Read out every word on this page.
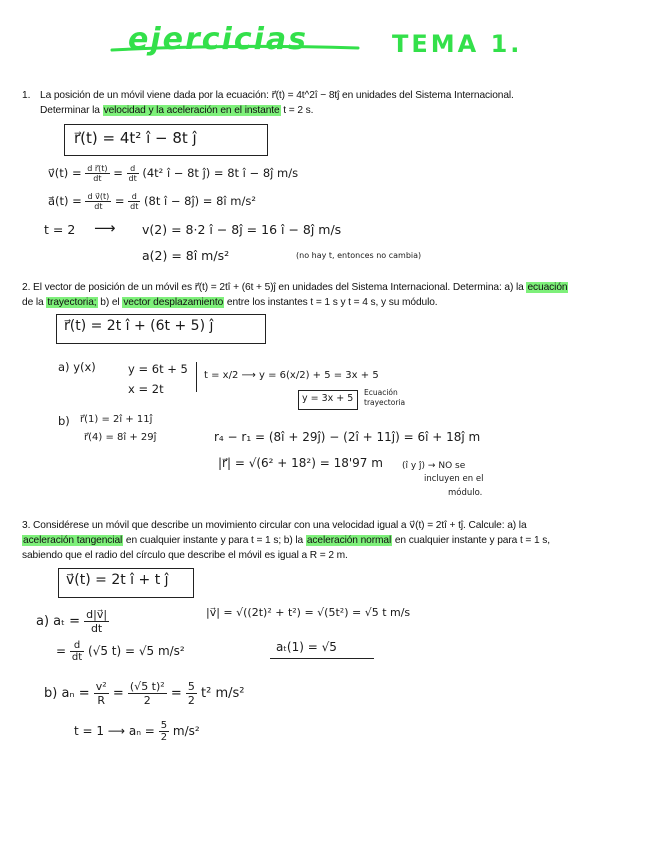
ejercicias	TEMA 1.
1. La posición de un móvil viene dada por la ecuación: r⃗(t) = 4t^2î − 8tĵ en unidades del Sistema Internacional.
Determinar la velocidad y la aceleración en el instante t = 2 s.
r⃗(t) = 4t² î − 8t ĵ
v⃗(t) = $\frac{\text{d r⃗(t)}}{dt} = \frac{d}{dt} (4t^2$ î − 8t ĵ) = 8t î − 8ĵ m/s
a⃗(t) = $\frac{\text{d v⃗(t)}}{dt} = \frac{d}{dt} (8t$ î − 8ĵ) = 8î m/s²
t = 2 ⟶ v(2) = 8·2 î − 8ĵ = 16 î − 8ĵ m/s
a(2) = 8î m/s²	(no hay t, entonces no cambia)
2. El vector de posición de un móvil es r⃗(t) = 2tî + (6t + 5)ĵ en unidades del Sistema Internacional. Determina: a) la ecuación
de la trayectoria; b) el vector desplazamiento entre los instantes t = 1 s y t = 4 s, y su módulo.
r⃗(t) = 2t î + (6t + 5) ĵ
a) y(x)	y = 6t + 5
x = 2t
t = x/2 ⟶ y = 6(x/2) + 5 = 3x + 5
y = 3x + 5
Ecuación
trayectoria
b) r⃗(1) = 2î + 11ĵ
r⃗(4) = 8î + 29ĵ	r₄ − r₁ = (8î + 29ĵ) − (2î + 11ĵ) = 6î + 18ĵ m
|r⃗| = √(6² + 18²) = 18'97 m (î y ĵ) → NO se
incluyen en el
módulo.
3. Considérese un móvil que describe un movimiento circular con una velocidad igual a v⃗(t) = 2tî + tĵ. Calcule: a) la
aceleración tangencial en cualquier instante y para t = 1 s; b) la aceleración normal en cualquier instante y para t = 1 s,
sabiendo que el radio del círculo que describe el móvil es igual a R = 2 m.
v⃗(t) = 2t î + t ĵ
a) $a_t = \frac{d|v⃗|}{dt}$	|v⃗| = √((2t)² + t²) = √(5t²) = √5 t m/s
= $\frac{d}{dt} (√5$ t) = √5 m/s²	aₜ(1) = √5
b) $a_n = \frac{\text{v²}}{R} = \frac{\text{(√5 t)²}}{2} = \frac{5}{2} t^2$ m/s²
t = 1 ⟶ $a_n = \frac{5}{2} m/s^2$
